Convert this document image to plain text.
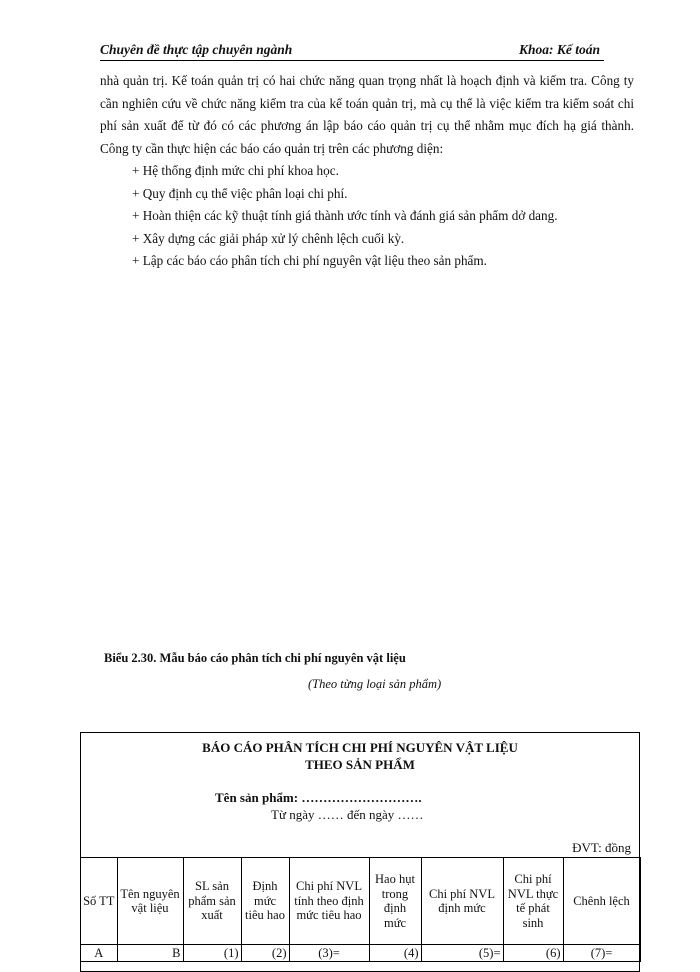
Chuyên đề thực tập chuyên ngành	Khoa: Kế toán

nhà quản trị. Kế toán quản trị có hai chức năng quan trọng nhất là hoạch định và kiểm tra. Công ty cần nghiên cứu về chức năng kiểm tra của kế toán quản trị, mà cụ thể là việc kiểm tra kiểm soát chi phí sản xuất để từ đó có các phương án lập báo cáo quản trị cụ thể nhằm mục đích hạ giá thành. Công ty cần thực hiện các báo cáo quản trị trên các phương diện:

+ Hệ thống định mức chi phí khoa học.
+ Quy định cụ thể việc phân loại chi phí.
+ Hoàn thiện các kỹ thuật tính giá thành ước tính và đánh giá sản phẩm dở dang.
+ Xây dựng các giải pháp xử lý chênh lệch cuối kỳ.
+ Lập các báo cáo phân tích chi phí nguyên vật liệu theo sản phẩm.
Biểu 2.30. Mẫu báo cáo phân tích chi phí nguyên vật liệu
(Theo từng loại sản phẩm)
BÁO CÁO PHÂN TÍCH CHI PHÍ NGUYÊN VẬT LIỆU
THEO SẢN PHẨM
Tên sản phẩm: ……………………….
Từ ngày …… đến ngày ……
ĐVT: đồng
Số TT	Tên nguyên vật liệu	SL sản phẩm sản xuất	Định mức tiêu hao	Chi phí NVL tính theo định mức tiêu hao	Hao hụt trong định mức	Chi phí NVL định mức	Chi phí NVL thực tế phát sinh	Chênh lệch
A	B	(1)	(2)	(3)=	(4)	(5)=	(6)	(7)=
